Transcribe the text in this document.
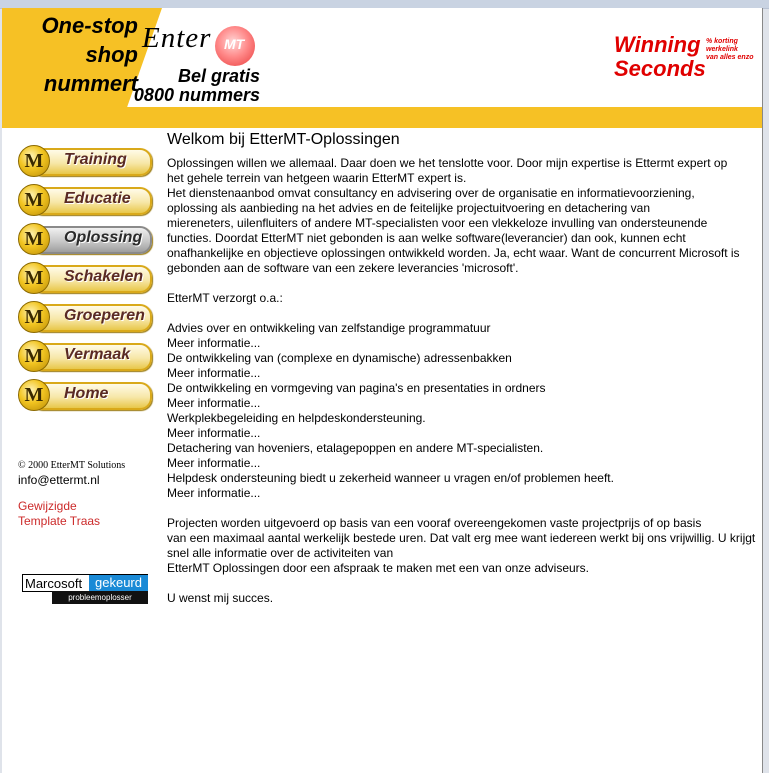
One-stop
shop
nummert
MT
Enter
Bel gratis
0800 nummers
Winning
Seconds
% korting
werkelink
van alles enzo
M	Training
M	Educatie
M	Oplossing
M	Schakelen
M	Groeperen
M	Vermaak
M	Home
© 2000 EtterMT Solutions
info@ettermt.nl
Gewijzigde
Template Traas
Marcosoft gekeurd
probleemoplosser
Welkom bij EtterMT-Oplossingen

Oplossingen willen we allemaal. Daar doen we het tenslotte voor. Door mijn expertise is Ettermt expert op

het gehele terrein van hetgeen waarin EtterMT expert is.

Het dienstenaanbod omvat consultancy en advisering over de organisatie en informatievoorziening,

oplossing als aanbieding na het advies en de feitelijke projectuitvoering en detachering van

miereneters, uilenfluiters of andere MT-specialisten voor een vlekkeloze invulling van ondersteunende

functies. Doordat EtterMT niet gebonden is aan welke software(leverancier) dan ook, kunnen echt

onafhankelijke en objectieve oplossingen ontwikkeld worden. Ja, echt waar. Want de concurrent Microsoft is

gebonden aan de software van een zekere leverancies 'microsoft'.

EtterMT verzorgt o.a.:

Advies over en ontwikkeling van zelfstandige programmatuur

Meer informatie...

De ontwikkeling van (complexe en dynamische) adressenbakken

Meer informatie...

De ontwikkeling en vormgeving van pagina's en presentaties in ordners

Meer informatie...

Werkplekbegeleiding en helpdeskondersteuning.

Meer informatie...

Detachering van hoveniers, etalagepoppen en andere MT-specialisten.

Meer informatie...

Helpdesk ondersteuning biedt u zekerheid wanneer u vragen en/of problemen heeft.

Meer informatie...

Projecten worden uitgevoerd op basis van een vooraf overeengekomen vaste projectprijs of op basis

van een maximaal aantal werkelijk bestede uren. Dat valt erg mee want iedereen werkt bij ons vrijwillig. U krijgt

snel alle informatie over de activiteiten van

EtterMT Oplossingen door een afspraak te maken met een van onze adviseurs.

U wenst mij succes.
